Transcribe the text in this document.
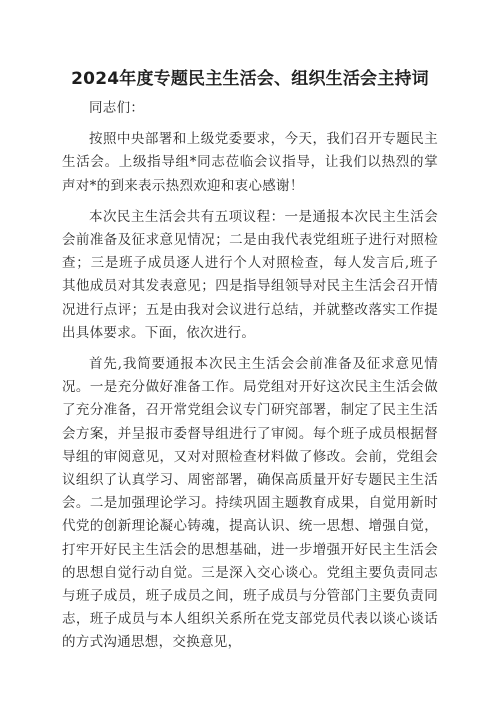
2024年度专题民主生活会、组织生活会主持词

同志们：

按照中央部署和上级党委要求，今天，我们召开专题民主生活会。上级指导组*同志莅临会议指导，让我们以热烈的掌声对*的到来表示热烈欢迎和衷心感谢！

本次民主生活会共有五项议程：一是通报本次民主生活会会前准备及征求意见情况；二是由我代表党组班子进行对照检查；三是班子成员逐人进行个人对照检查，每人发言后,班子其他成员对其发表意见；四是指导组领导对民主生活会召开情况进行点评；五是由我对会议进行总结，并就整改落实工作提出具体要求。下面，依次进行。

首先,我简要通报本次民主生活会会前准备及征求意见情况。一是充分做好准备工作。局党组对开好这次民主生活会做了充分准备，召开常党组会议专门研究部署，制定了民主生活会方案，并呈报市委督导组进行了审阅。每个班子成员根据督导组的审阅意见，又对对照检查材料做了修改。会前，党组会议组织了认真学习、周密部署，确保高质量开好专题民主生活会。二是加强理论学习。持续巩固主题教育成果，自觉用新时代党的创新理论凝心铸魂，提高认识、统一思想、增强自觉，打牢开好民主生活会的思想基础，进一步增强开好民主生活会的思想自觉行动自觉。三是深入交心谈心。党组主要负责同志与班子成员，班子成员之间，班子成员与分管部门主要负责同志，班子成员与本人组织关系所在党支部党员代表以谈心谈话的方式沟通思想，交换意见，
